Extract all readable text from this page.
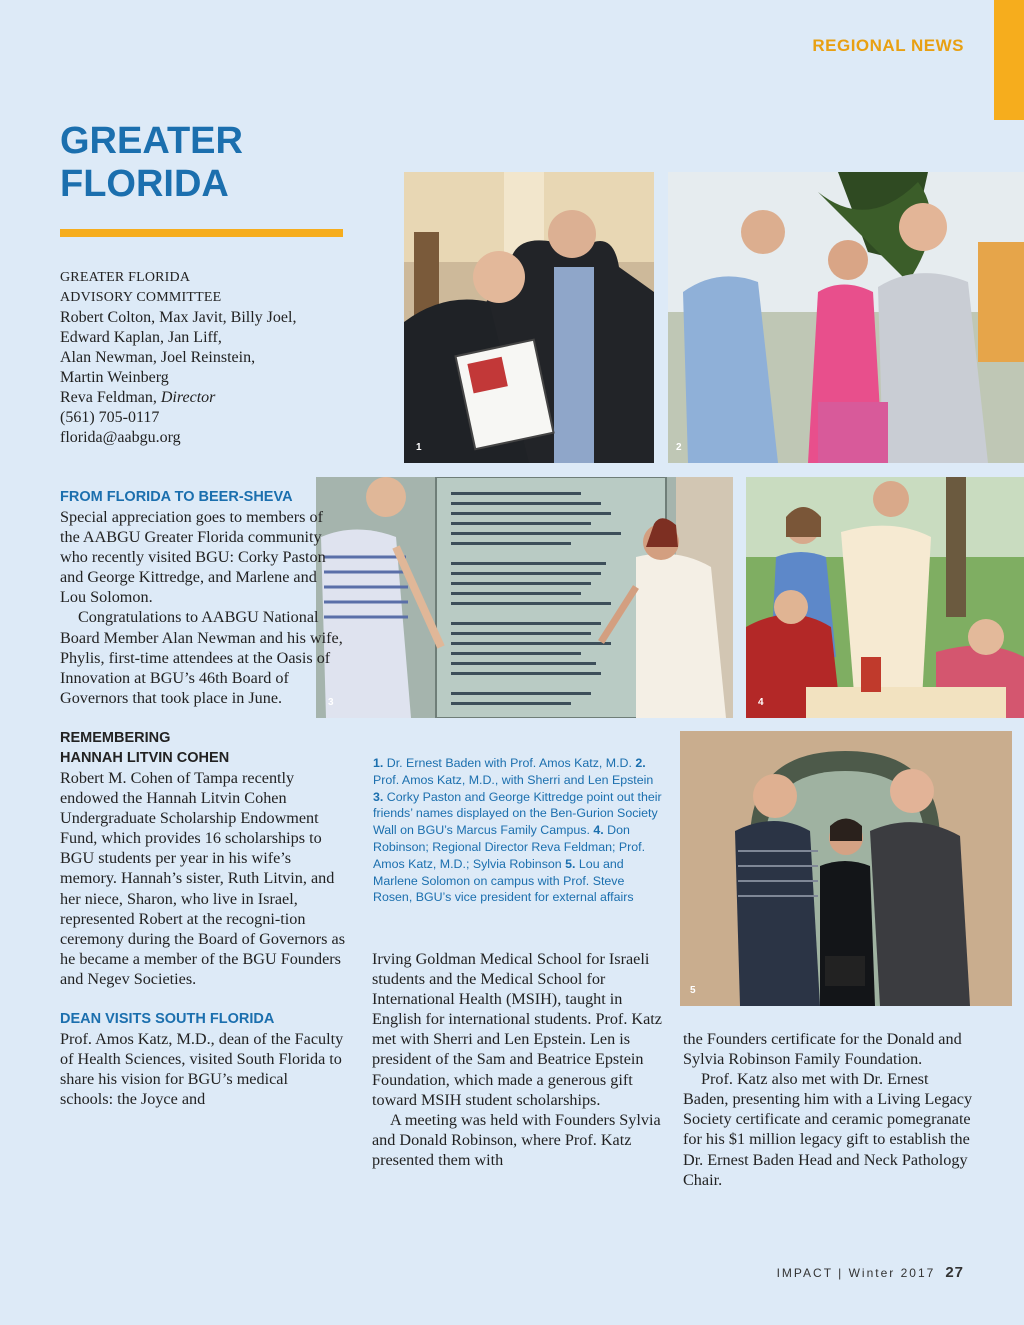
REGIONAL NEWS
GREATER
FLORIDA
GREATER FLORIDA
ADVISORY COMMITTEE
Robert Colton, Max Javit, Billy Joel,
Edward Kaplan, Jan Liff,
Alan Newman, Joel Reinstein,
Martin Weinberg
Reva Feldman, Director
(561) 705-0117
florida@aabgu.org
1	2
3	4
5
FROM FLORIDA TO BEER-SHEVA

Special appreciation goes to members of the AABGU Greater Florida community who recently visited BGU: Corky Paston and George Kittredge, and Marlene and Lou Solomon.

Congratulations to AABGU National Board Member Alan Newman and his wife, Phylis, first-time attendees at the Oasis of Innovation at BGU’s 46th Board of Governors that took place in June.

REMEMBERING
HANNAH LITVIN COHEN

Robert M. Cohen of Tampa recently endowed the Hannah Litvin Cohen Undergraduate Scholarship Endowment Fund, which provides 16 scholarships to BGU students per year in his wife’s memory. Hannah’s sister, Ruth Litvin, and her niece, Sharon, who live in Israel, represented Robert at the recogni-tion ceremony during the Board of Governors as he became a member of the BGU Founders and Negev Societies.

DEAN VISITS SOUTH FLORIDA

Prof. Amos Katz, M.D., dean of the Faculty of Health Sciences, visited South Florida to share his vision for BGU’s medical schools: the Joyce and

1. Dr. Ernest Baden with Prof. Amos Katz, M.D. 2. Prof. Amos Katz, M.D., with Sherri and Len Epstein 3. Corky Paston and George Kittredge point out their friends’ names displayed on the Ben-Gurion Society Wall on BGU’s Marcus Family Campus. 4. Don Robinson; Regional Director Reva Feldman; Prof. Amos Katz, M.D.; Sylvia Robinson 5. Lou and Marlene Solomon on campus with Prof. Steve Rosen, BGU’s vice president for external affairs

Irving Goldman Medical School for Israeli students and the Medical School for International Health (MSIH), taught in English for international students. Prof. Katz met with Sherri and Len Epstein. Len is president of the Sam and Beatrice Epstein Foundation, which made a generous gift toward MSIH student scholarships.

A meeting was held with Founders Sylvia and Donald Robinson, where Prof. Katz presented them with

the Founders certificate for the Donald and Sylvia Robinson Family Foundation.

Prof. Katz also met with Dr. Ernest Baden, presenting him with a Living Legacy Society certificate and ceramic pomegranate for his $1 million legacy gift to establish the Dr. Ernest Baden Head and Neck Pathology Chair.

IMPACT | Winter 2017 27
